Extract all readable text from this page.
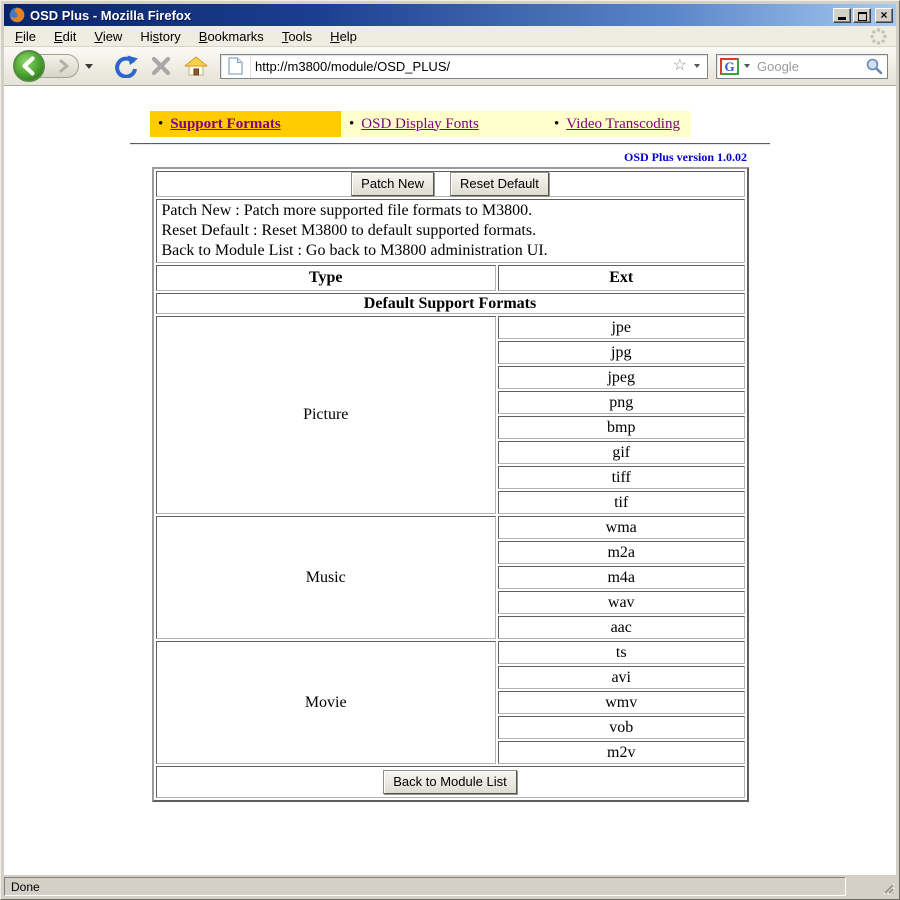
OSD Plus - Mozilla Firefox	×
File	Edit	View	History	Bookmarks	Tools	Help
http://m3800/module/OSD_PLUS/
☆	G
Google
• Support Formats	• OSD Display Fonts	• Video Transcoding
OSD Plus version 1.0.02
Patch New Reset Default	

Patch New : Patch more supported file formats to M3800.
Reset Default : Reset M3800 to default supported formats.
Back to Module List : Go back to M3800 administration UI.	

Type	Ext
Default Support Formats	
Picture	jpe
	jpg
	jpeg
	png
	bmp
	gif
	tiff
	tif
Music	wma
	m2a
	m4a
	wav
	aac
Movie	ts
	avi
	wmv
	vob
	m2v
Back to Module List	
Done
